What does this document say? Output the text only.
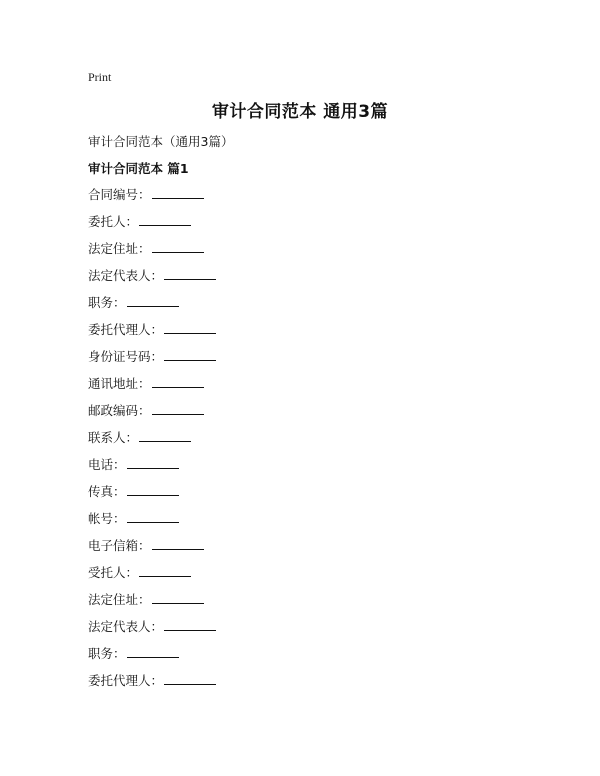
Print
审计合同范本 通用3篇
审计合同范本（通用3篇）
审计合同范本 篇1
合同编号：
委托人：
法定住址：
法定代表人：
职务：
委托代理人：
身份证号码：
通讯地址：
邮政编码：
联系人：
电话：
传真：
帐号：
电子信箱：
受托人：
法定住址：
法定代表人：
职务：
委托代理人：
